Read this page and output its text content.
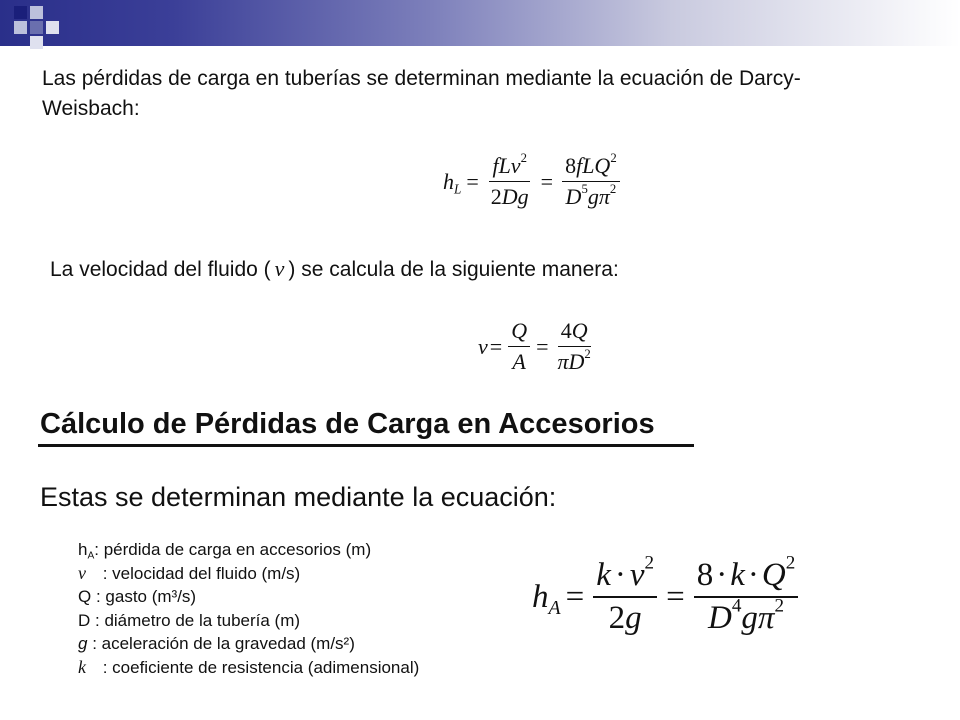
Las pérdidas de carga en tuberías se determinan mediante la ecuación de Darcy-
Weisbach:
$h_L = \frac{fLv^2}{2Dg} = \frac{8fLQ^2}{D^5g\pi^2}$
La velocidad del fluido ( v ) se calcula de la siguiente manera:
$v = \frac{Q}{A} = \frac{4Q}{\pi D^2}$
Cálculo de Pérdidas de Carga en Accesorios
Estas se determinan mediante la ecuación:
$h_A$: pérdida de carga en accesorios (m)
v : velocidad del fluido (m/s)
Q : gasto (m³/s)
D : diámetro de la tubería (m)
g : aceleración de la gravedad (m/s²)
k : coeficiente de resistencia (adimensional)
$h_A = \frac{k \cdot v^2}{2g} = \frac{8\cdot k\cdot Q^2}{D^4g\pi^2}$
